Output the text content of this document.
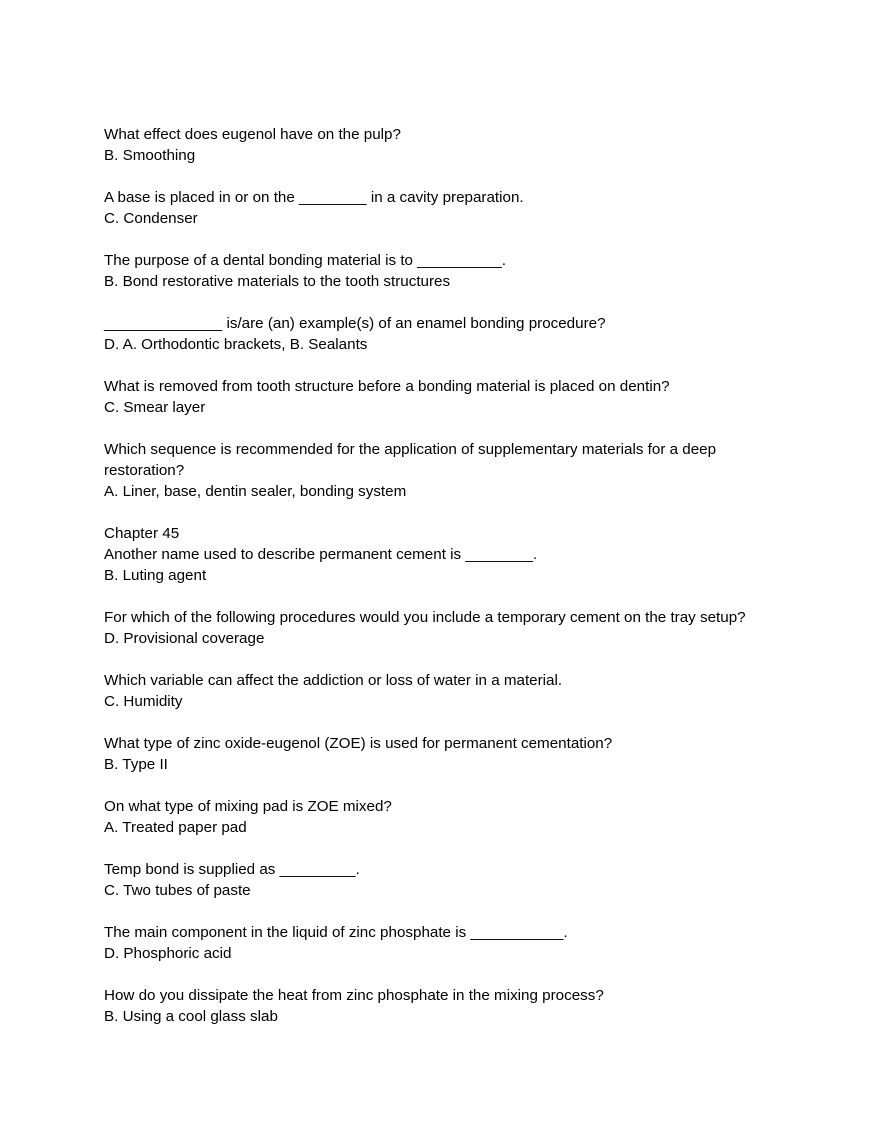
What effect does eugenol have on the pulp?
B. Smoothing
A base is placed in or on the ________ in a cavity preparation.
C. Condenser
The purpose of a dental bonding material is to __________.
B. Bond restorative materials to the tooth structures
______________ is/are (an) example(s) of an enamel bonding procedure?
D. A. Orthodontic brackets, B. Sealants
What is removed from tooth structure before a bonding material is placed on dentin?
C. Smear layer
Which sequence is recommended for the application of supplementary materials for a deep restoration?
A. Liner, base, dentin sealer, bonding system
Chapter 45
Another name used to describe permanent cement is ________.
B. Luting agent
For which of the following procedures would you include a temporary cement on the tray setup?
D. Provisional coverage
Which variable can affect the addiction or loss of water in a material.
C. Humidity
What type of zinc oxide-eugenol (ZOE) is used for permanent cementation?
B. Type II
On what type of mixing pad is ZOE mixed?
A. Treated paper pad
Temp bond is supplied as _________.
C. Two tubes of paste
The main component in the liquid of zinc phosphate is ___________.
D. Phosphoric acid
How do you dissipate the heat from zinc phosphate in the mixing process?
B. Using a cool glass slab
